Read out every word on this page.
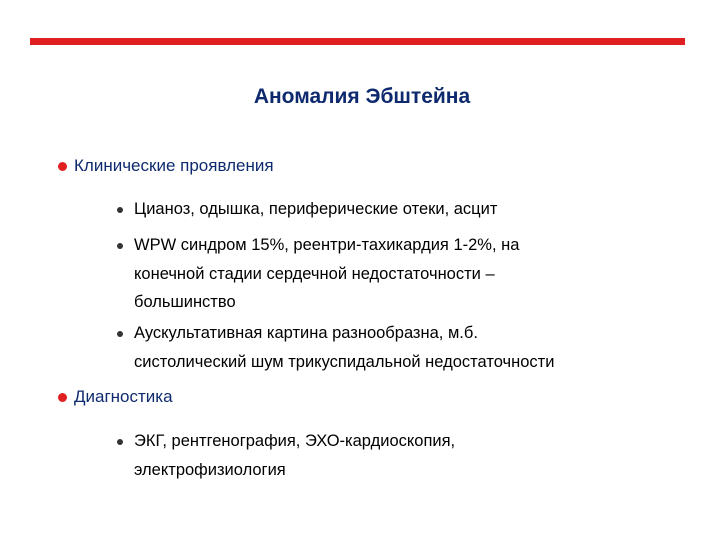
Аномалия Эбштейна
Клинические проявления
Цианоз, одышка, периферические отеки, асцит
WPW синдром 15%, реентри-тахикардия 1-2%, на
конечной стадии сердечной недостаточности –
большинство
Аускультативная картина разнообразна, м.б.
систолический шум трикуспидальной недостаточности
Диагностика
ЭКГ, рентгенография, ЭХО-кардиоскопия,
электрофизиология
